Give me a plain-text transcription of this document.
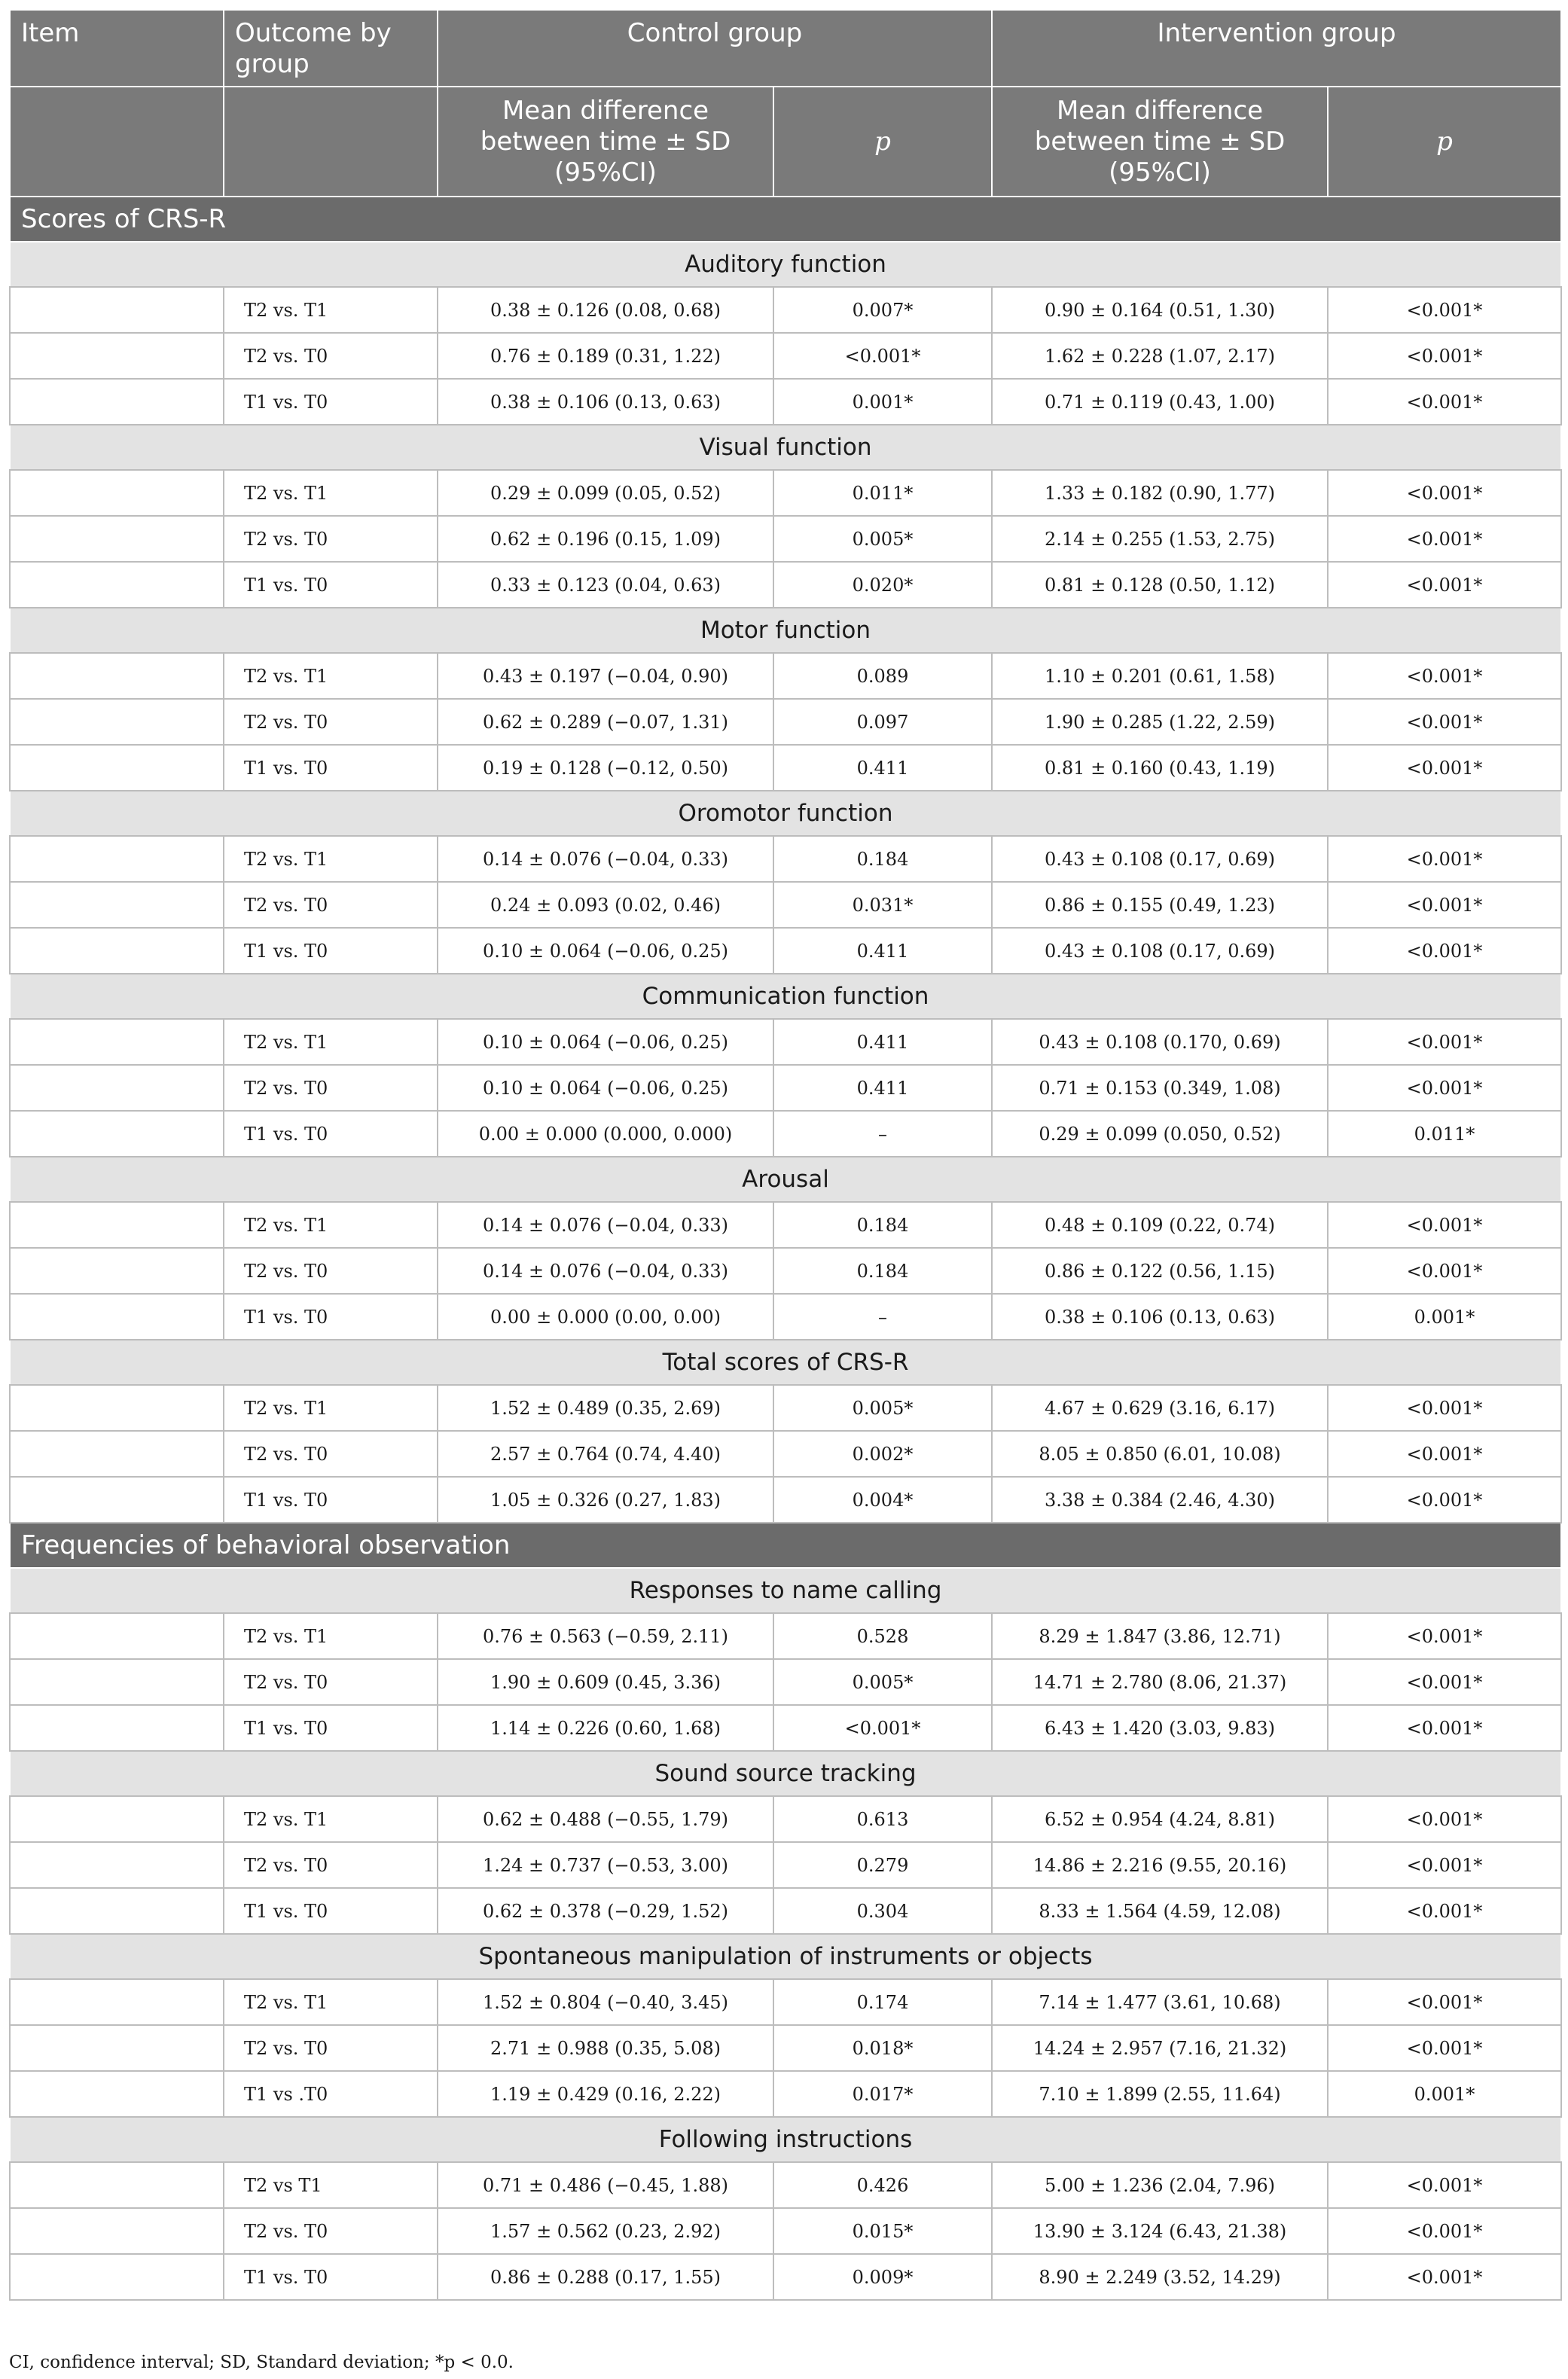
Item	Outcome by group	Control group		Intervention group	
		Mean difference between time ± SD (95%CI)	p	Mean difference between time ± SD (95%CI)	p
Scores of CRS-R					
Auditory function					
	T2 vs. T1	0.38 ± 0.126 (0.08, 0.68)	0.007*	0.90 ± 0.164 (0.51, 1.30)	<0.001*
	T2 vs. T0	0.76 ± 0.189 (0.31, 1.22)	<0.001*	1.62 ± 0.228 (1.07, 2.17)	<0.001*
	T1 vs. T0	0.38 ± 0.106 (0.13, 0.63)	0.001*	0.71 ± 0.119 (0.43, 1.00)	<0.001*
Visual function					
	T2 vs. T1	0.29 ± 0.099 (0.05, 0.52)	0.011*	1.33 ± 0.182 (0.90, 1.77)	<0.001*
	T2 vs. T0	0.62 ± 0.196 (0.15, 1.09)	0.005*	2.14 ± 0.255 (1.53, 2.75)	<0.001*
	T1 vs. T0	0.33 ± 0.123 (0.04, 0.63)	0.020*	0.81 ± 0.128 (0.50, 1.12)	<0.001*
Motor function					
	T2 vs. T1	0.43 ± 0.197 (−0.04, 0.90)	0.089	1.10 ± 0.201 (0.61, 1.58)	<0.001*
	T2 vs. T0	0.62 ± 0.289 (−0.07, 1.31)	0.097	1.90 ± 0.285 (1.22, 2.59)	<0.001*
	T1 vs. T0	0.19 ± 0.128 (−0.12, 0.50)	0.411	0.81 ± 0.160 (0.43, 1.19)	<0.001*
Oromotor function					
	T2 vs. T1	0.14 ± 0.076 (−0.04, 0.33)	0.184	0.43 ± 0.108 (0.17, 0.69)	<0.001*
	T2 vs. T0	0.24 ± 0.093 (0.02, 0.46)	0.031*	0.86 ± 0.155 (0.49, 1.23)	<0.001*
	T1 vs. T0	0.10 ± 0.064 (−0.06, 0.25)	0.411	0.43 ± 0.108 (0.17, 0.69)	<0.001*
Communication function					
	T2 vs. T1	0.10 ± 0.064 (−0.06, 0.25)	0.411	0.43 ± 0.108 (0.170, 0.69)	<0.001*
	T2 vs. T0	0.10 ± 0.064 (−0.06, 0.25)	0.411	0.71 ± 0.153 (0.349, 1.08)	<0.001*
	T1 vs. T0	0.00 ± 0.000 (0.000, 0.000)	–	0.29 ± 0.099 (0.050, 0.52)	0.011*
Arousal					
	T2 vs. T1	0.14 ± 0.076 (−0.04, 0.33)	0.184	0.48 ± 0.109 (0.22, 0.74)	<0.001*
	T2 vs. T0	0.14 ± 0.076 (−0.04, 0.33)	0.184	0.86 ± 0.122 (0.56, 1.15)	<0.001*
	T1 vs. T0	0.00 ± 0.000 (0.00, 0.00)	–	0.38 ± 0.106 (0.13, 0.63)	0.001*
Total scores of CRS-R					
	T2 vs. T1	1.52 ± 0.489 (0.35, 2.69)	0.005*	4.67 ± 0.629 (3.16, 6.17)	<0.001*
	T2 vs. T0	2.57 ± 0.764 (0.74, 4.40)	0.002*	8.05 ± 0.850 (6.01, 10.08)	<0.001*
	T1 vs. T0	1.05 ± 0.326 (0.27, 1.83)	0.004*	3.38 ± 0.384 (2.46, 4.30)	<0.001*
Frequencies of behavioral observation					
Responses to name calling					
	T2 vs. T1	0.76 ± 0.563 (−0.59, 2.11)	0.528	8.29 ± 1.847 (3.86, 12.71)	<0.001*
	T2 vs. T0	1.90 ± 0.609 (0.45, 3.36)	0.005*	14.71 ± 2.780 (8.06, 21.37)	<0.001*
	T1 vs. T0	1.14 ± 0.226 (0.60, 1.68)	<0.001*	6.43 ± 1.420 (3.03, 9.83)	<0.001*
Sound source tracking					
	T2 vs. T1	0.62 ± 0.488 (−0.55, 1.79)	0.613	6.52 ± 0.954 (4.24, 8.81)	<0.001*
	T2 vs. T0	1.24 ± 0.737 (−0.53, 3.00)	0.279	14.86 ± 2.216 (9.55, 20.16)	<0.001*
	T1 vs. T0	0.62 ± 0.378 (−0.29, 1.52)	0.304	8.33 ± 1.564 (4.59, 12.08)	<0.001*
Spontaneous manipulation of instruments or objects					
	T2 vs. T1	1.52 ± 0.804 (−0.40, 3.45)	0.174	7.14 ± 1.477 (3.61, 10.68)	<0.001*
	T2 vs. T0	2.71 ± 0.988 (0.35, 5.08)	0.018*	14.24 ± 2.957 (7.16, 21.32)	<0.001*
	T1 vs .T0	1.19 ± 0.429 (0.16, 2.22)	0.017*	7.10 ± 1.899 (2.55, 11.64)	0.001*
Following instructions					
	T2 vs T1	0.71 ± 0.486 (−0.45, 1.88)	0.426	5.00 ± 1.236 (2.04, 7.96)	<0.001*
	T2 vs. T0	1.57 ± 0.562 (0.23, 2.92)	0.015*	13.90 ± 3.124 (6.43, 21.38)	<0.001*
	T1 vs. T0	0.86 ± 0.288 (0.17, 1.55)	0.009*	8.90 ± 2.249 (3.52, 14.29)	<0.001*
CI, confidence interval; SD, Standard deviation; *p < 0.0.
